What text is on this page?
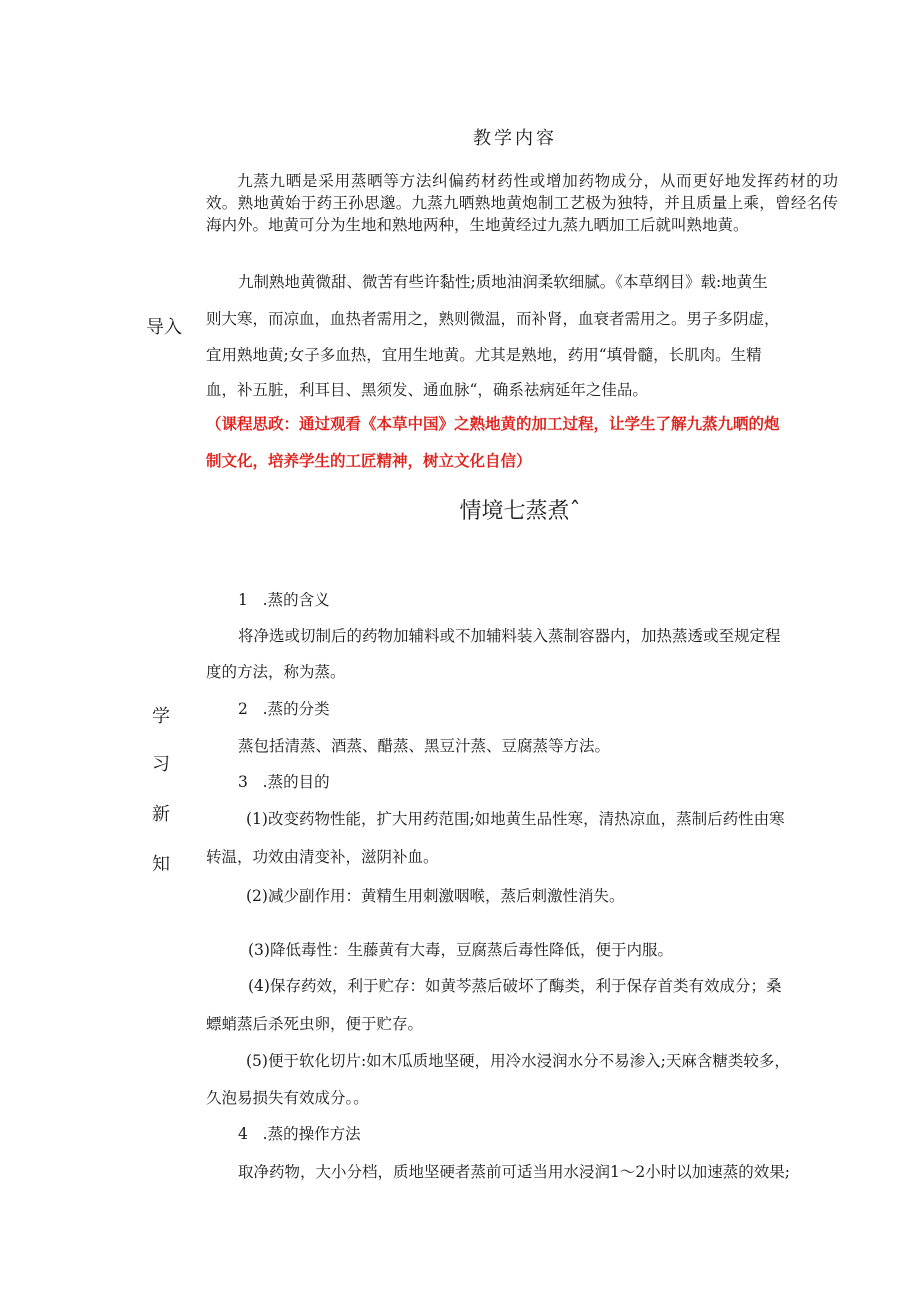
教学内容
导入

九蒸九晒是采用蒸晒等方法纠偏药材药性或增加药物成分，从而更好地发挥药材的功效。熟地黄始于药王孙思邈。九蒸九晒熟地黄炮制工艺极为独特，并且质量上乘，曾经名传海内外。地黄可分为生地和熟地两种，生地黄经过九蒸九晒加工后就叫熟地黄。

九制熟地黄微甜、微苦有些许黏性;质地油润柔软细腻。《本草纲目》载:地黄生
则大寒，而凉血，血热者需用之，熟则微温，而补肾，血衰者需用之。男子多阴虚，
宜用熟地黄;女子多血热，宜用生地黄。尤其是熟地，药用“填骨髓，长肌肉。生精
血，补五脏，利耳目、黑须发、通血脉“，确系祛病延年之佳品。
（课程思政：通过观看《本草中国》之熟地黄的加工过程，让学生了解九蒸九晒的炮
制文化，培养学生的工匠精神，树立文化自信）
情境七蒸煮ˆ
学
习
新
知
1   .蒸的含义
将净选或切制后的药物加辅料或不加辅料装入蒸制容器内，加热蒸透或至规定程
度的方法，称为蒸。
2   .蒸的分类
蒸包括清蒸、酒蒸、醋蒸、黑豆汁蒸、豆腐蒸等方法。
3   .蒸的目的
(1)改变药物性能，扩大用药范围;如地黄生品性寒，清热凉血，蒸制后药性由寒
转温，功效由清变补，滋阴补血。
(2)减少副作用：黄精生用刺激咽喉，蒸后刺激性消失。
(3)降低毒性：生藤黄有大毒，豆腐蒸后毒性降低，便于内服。
(4)保存药效，利于贮存：如黄芩蒸后破坏了酶类，利于保存首类有效成分；桑
螵蛸蒸后杀死虫卵，便于贮存。
(5)便于软化切片:如木瓜质地坚硬，用冷水浸润水分不易渗入;天麻含糖类较多，
久泡易损失有效成分。。
4   .蒸的操作方法
取净药物，大小分档，质地坚硬者蒸前可适当用水浸润1～2小时以加速蒸的效果;
